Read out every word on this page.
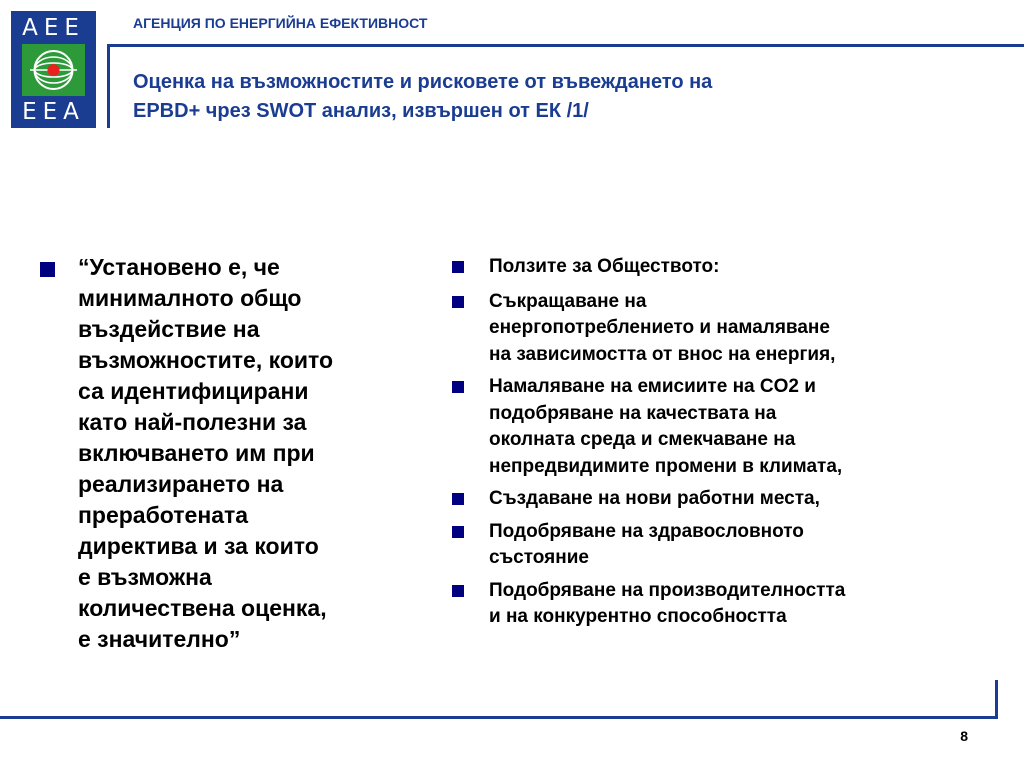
AEE
EEA
АГЕНЦИЯ ПО ЕНЕРГИЙНА ЕФЕКТИВНОСТ
Оценка на възможностите и рисковете от въвеждането на
EPBD+ чрез SWOT анализ, извършен от ЕК /1/
“Установено е, че
минималното общо
въздействие на
възможностите, които
са идентифицирани
като най-полезни за
включването им при
реализирането на
преработената
директива и за които
е възможна
количествена оценка,
е значително”
Ползите за Обществото:
Съкращаване на
енергопотреблението и намаляване
на зависимостта от внос на енергия,
Намаляване на емисиите на CO2 и
подобряване на качествата на
околната среда и смекчаване на
непредвидимите промени в климата,
Създаване на нови работни места,
Подобряване на здравословното
състояние
Подобряване на производителността
и на конкурентно способността
8
